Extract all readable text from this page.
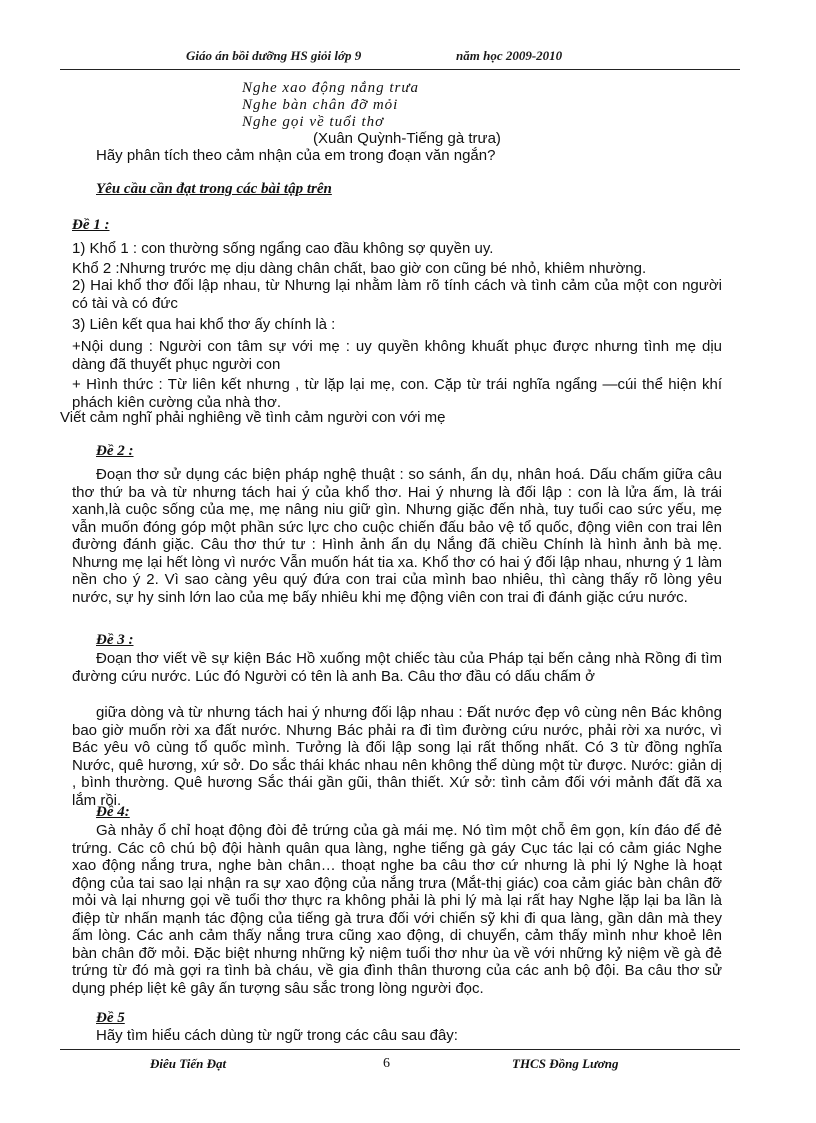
Giáo án bồi dưỡng HS giỏi lớp 9	năm học 2009-2010
Nghe xao động nắng trưa
Nghe bàn chân đỡ mỏi
Nghe gọi về tuổi thơ
(Xuân Quỳnh-Tiếng gà trưa)
Hãy phân tích theo cảm nhận của em trong đoạn văn ngắn?
Yêu cầu cần đạt trong các bài tập trên
Đề 1 :
1) Khổ 1 : con thường sống ngẩng cao đầu không sợ quyền uy.
Khổ 2 :Nhưng trước mẹ dịu dàng chân chất, bao giờ con cũng bé nhỏ, khiêm nhường.
2) Hai khổ thơ đối lập nhau, từ Nhưng lại nhằm làm rõ tính cách và tình cảm của một con người có tài và có đức
3) Liên kết qua hai khổ thơ ấy chính là :
+Nội dung : Người con tâm sự với mẹ : uy quyền không khuất phục được nhưng tình mẹ dịu dàng đã thuyết phục người con
+ Hình thức : Từ liên kết nhưng , từ lặp lại mẹ, con. Cặp từ trái nghĩa ngẩng —cúi thể hiện khí phách kiên cường của nhà thơ.
Viết cảm nghĩ phải nghiêng về tình cảm người con với mẹ
Đề 2 :
Đoạn thơ sử dụng các biện pháp nghệ thuật : so sánh, ẩn dụ, nhân hoá. Dấu chấm giữa câu thơ thứ ba và từ nhưng tách hai ý của khổ thơ. Hai ý nhưng là đối lập : con là lửa ấm, là trái xanh,là cuộc sống của mẹ, mẹ nâng niu giữ gìn. Nhưng giặc đến nhà, tuy tuổi cao sức yếu, mẹ vẫn muốn đóng góp một phần sức lực cho cuộc chiến đấu bảo vệ tổ quốc, động viên con trai lên đường đánh giặc. Câu thơ thứ tư : Hình ảnh ẩn dụ Nắng đã chiều Chính là hình ảnh bà mẹ. Nhưng mẹ lại hết lòng vì nước Vẫn muốn hát tia xa. Khổ thơ có hai ý đối lập nhau, nhưng ý 1 làm nền cho ý 2. Vì sao càng yêu quý đứa con trai của mình bao nhiêu, thì càng thấy rõ lòng yêu nước, sự hy sinh lớn lao của mẹ bấy nhiêu khi mẹ động viên con trai đi đánh giặc cứu nước.
Đề 3 :
Đoạn thơ viết về sự kiện Bác Hồ xuống một chiếc tàu của Pháp tại bến cảng nhà Rồng đi tìm đường cứu nước. Lúc đó Người có tên là anh Ba. Câu thơ đầu có dấu chấm ở
giữa dòng và từ nhưng tách hai ý nhưng đối lập nhau : Đất nước đẹp vô cùng nên Bác không bao giờ muốn rời xa đất nước. Nhưng Bác phải ra đi tìm đường cứu nước, phải rời xa nước, vì Bác yêu vô cùng tổ quốc mình. Tưởng là đối lập song lại rất thống nhất. Có 3 từ đồng nghĩa Nước, quê hương, xứ sở. Do sắc thái khác nhau nên không thể dùng một từ được. Nước: giản dị , bình thường. Quê hương Sắc thái gần gũi, thân thiết. Xứ sở: tình cảm đối với mảnh đất đã xa lắm rồi.
Đề 4:
Gà nhảy ổ chỉ hoạt động đòi đẻ trứng của gà mái mẹ. Nó tìm một chỗ êm gọn, kín đáo để đẻ trứng. Các cô chú bộ đội hành quân qua làng, nghe tiếng gà gáy Cục tác lại có cảm giác Nghe xao động nắng trưa, nghe bàn chân… thoạt nghe ba câu thơ cứ nhưng là phi lý Nghe là hoạt động của tai sao lại nhận ra sự xao động của nắng trưa (Mắt-thị giác) coa cảm giác bàn chân đỡ mỏi và lại nhưng gọi về tuổi thơ thực ra không phải là phi lý mà lại rất hay Nghe lặp lại ba lần là điệp từ nhấn mạnh tác động của tiếng gà trưa đối với chiến sỹ khi đi qua làng, gần dân mà they ấm lòng. Các anh cảm thấy nắng trưa cũng xao động, di chuyển, cảm thấy mình như khoẻ lên bàn chân đỡ mỏi. Đặc biệt nhưng những kỷ niệm tuổi thơ như ùa về với những kỷ niệm về gà đẻ trứng từ đó mà gợi ra tình bà cháu, về gia đình thân thương của các anh bộ đội. Ba câu thơ sử dụng phép liệt kê gây ấn tượng sâu sắc trong lòng người đọc.
Đề 5
Hãy tìm hiểu cách dùng từ ngữ trong các câu sau đây:
Điêu Tiến Đạt	6	THCS Đồng Lương
